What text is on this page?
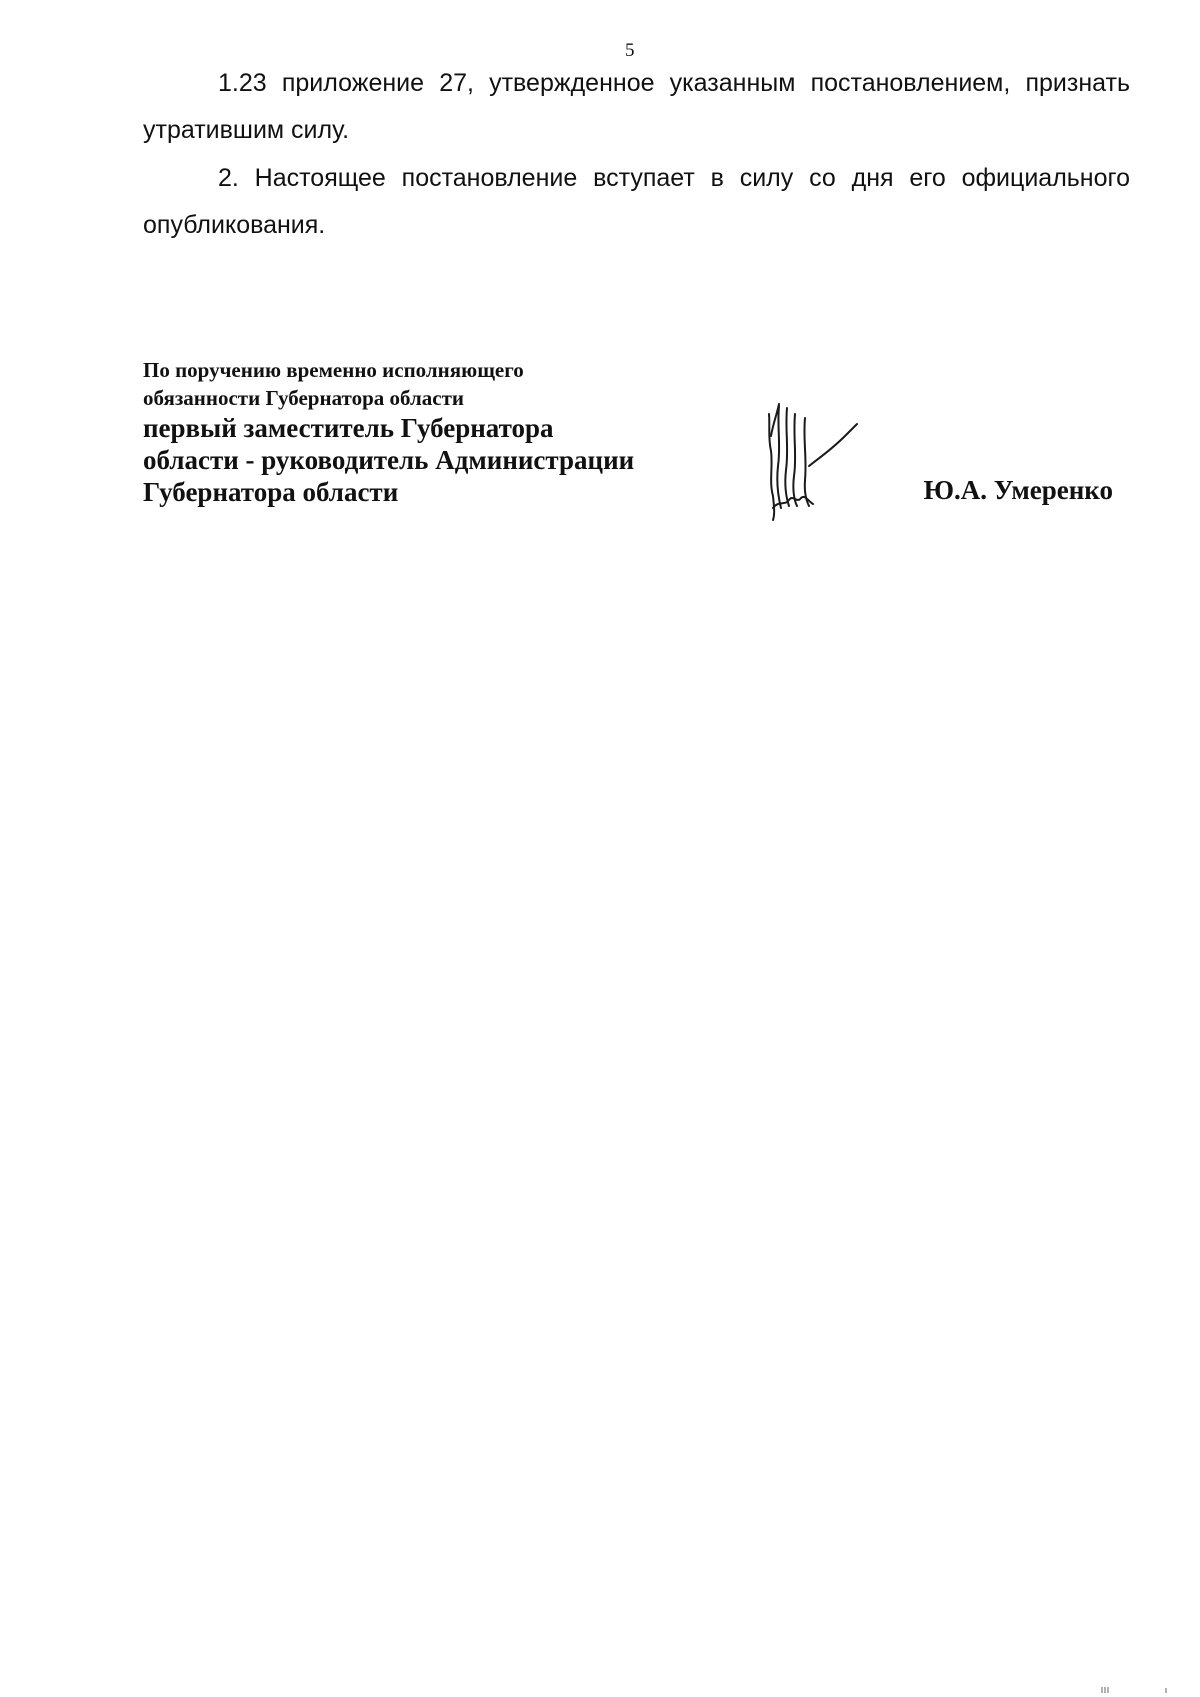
5

1.23 приложение 27, утвержденное указанным постановлением, признать утратившим силу.

2. Настоящее постановление вступает в силу со дня его официального опубликования.

По поручению временно исполняющего
обязанности Губернатора области
первый заместитель Губернатора
области - руководитель Администрации
Губернатора области	Ю.А. Умеренко
